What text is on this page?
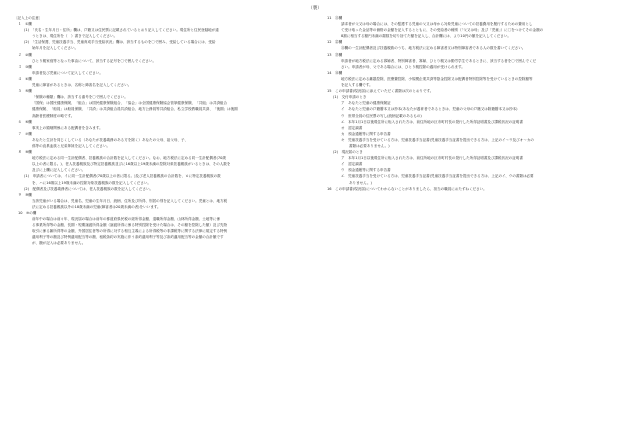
（裏）
〔記入上の注意〕
１　①欄
(1)　「氏名・生年月日・住所」欄は、戸籍又は住民票に記載されているとおり記入してください。現住所と住民登録地が違
うときは、現住所を（　）書きで記入してください。
(2)　「生活保護、児童扶養手当、児童育成手当受給状況」欄は、該当するものを〇で囲み、受給している場合には、受給
始年月を記入してください。
２　②欄
ひとり親家庭等となった事由について、該当する記号を〇で囲んでください。
３　③欄
申請者及び児童について記入してください。
４　④欄
児童に障害があるときは、名称と障害名を記入してください。
５　⑤欄
「保険の種類」欄は、該当する番号を〇で囲んでください。
「国保」は国民健康保険、「組合」は国民健康保険組合、「協会」は全国健康保険協会管掌健康保険、「共組」は共済組合
健康保険、「船員」は船員保険、「共済」は共済組合員共済組合、地方公務員等共済組合、私立学校教職員共済、「後期」は後期
高齢者医療制度の略です。
６　⑥欄
事実上の婚姻関係にある配偶者を含みます。
７　⑦欄
あなたと生計を同じくしている（あなたが扶養義務のある方を除く）あなたの父母、祖父母、子、
孫等の直系血族と兄弟姉妹を記入してください。
８　⑧欄
地方税法に定める同一生計配偶者、扶養親族の合計数を記入してください。なお、地方税法に定める同一生計配偶者(70歳
以上の者に限る。)、老人扶養親族及び特定扶養親族並びに16歳以上19歳未満の控除対象扶養親族がいるときは、その人数を
及びに上欄に記入してください。
(1)　申請者については、イに同一生計配偶者(70歳以上の者に限る。)及び老人扶養親族の合計数を、ロに特定扶養親族の数
を、ハに16歳以上19歳未満の控除対象扶養親族の数を記入してください。
(2)　配偶者及び扶養義務者については、老人扶養親族の数を記入してください。
９　⑨欄
当該児童がいる場合は、児童名、児童の生年月日、続柄、住所及び所得、別居の別を記入してください。児童とは、地方税
法に定める扶養親族以外の18歳未満の児童(障害者は20歳未満の者)をいいます。
10　⑩の欄
前年中の場合は前々年、現況届の場合は前年の都道府県民税の総所得金額、退職所得金額、山林所得金額、土地等に係
る事業所得等の金額、長期・短期譲渡所得金額（譲渡所得に係る特別控除を受けた場合は、その額を控除した額）及び先物
取引に係る雑所得等の金額、外国居住者等の所得に対する相互主義による所得税等の非課税等に関する法律に規定する特例
適用利子等の額及び特例適用配当等の額、租税条約の実施に伴う条約適用利子等及び条約適用配当等の金額の合計額です
が、額が記入は必要ありません。
11　⑪欄
請求者が父又は母の場合には、その監護する児童の父又は母から対象児童についての扶養費用を履行するための費用とし
て受け取った金品等の価格の金額を記入するとともに、その受給者の種別（「父又は母」及び「児童」）に〇をつけてその金額の
8割に相当する額円未満の端数を切り捨てた額を記入し、合計欄には、より10円の額を記入してください。
12　⑫欄
⑪欄の一生計配偶者及び扶養親族のうち、地方税法に定める障害者又は特別障害者である人の数を書いてください。
13　⑬欄
申請者が地方税法に定める寡婦者、特別障害者、寡婦、ひとり親又は勤労学生であるときに、該当する者を〇で囲んでくだ
さい。申請者が母、父である場合には、ひとり親控除の適用が受けられます。
14　⑭欄
地方税法に定める雑損控除、医療費控除、小規模企業共済等掛金控除又は配偶者特別控除等を受けているときの控除額等
を記入する欄です。
15　この申請書(現況届)に添えていただく書類は次のとおりです。
(1)　交付申請のとき
ア　あなたと児童の健康保険証
イ　あなたと児童の戸籍謄本又は抄本(あなたが養育者であるときは、児童の父母の戸籍又は除籍謄本又は抄本)
ウ　世帯全員の住民票の写し(続柄記載のあるもの)
エ　本年1月1日以後現住所に転入された方は、前住所地の区市町村長の発行した所得証明書及び課税状況の証明書
オ　認定調書
カ　預金通帳等に関する申告書
キ　児童扶養手当を受けている方は、児童扶養手当証書(児童扶養手当証書を提出できる方は、上記のイ～ウ及びオ～カの
書類は必要ありません。)
(2)　現況届のとき
ア　本年1月1日以後現住所に転入された方は、前住所地の区市町村長の発行した所得証明書及び課税状況の証明書
イ　認定調書
ウ　預金通帳等に関する申告書
エ　児童扶養手当を受けている方は、児童扶養手当証書(児童扶養手当証書を提出できる方は、上記のイ、ウの書類は必要
ありません。)
16　この申請書(現況届)についてわからないことがありましたら、担当の職員におたずねください。
